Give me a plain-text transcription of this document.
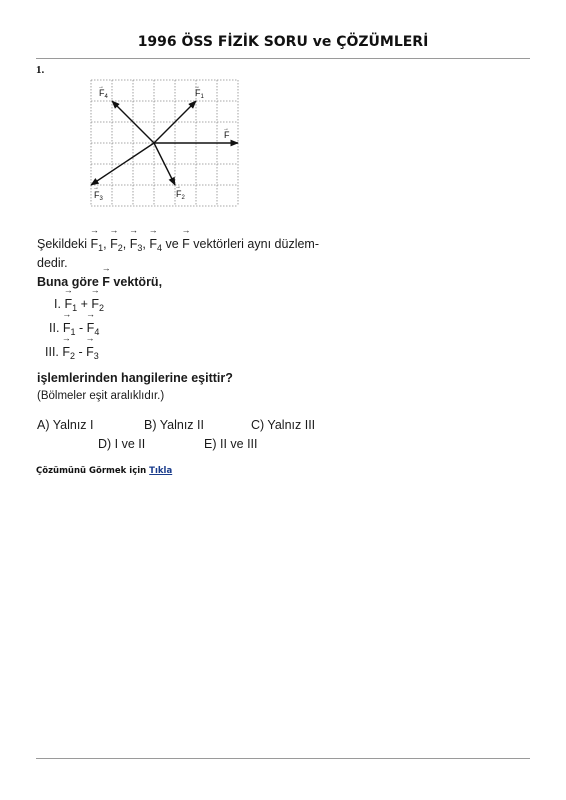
1996 ÖSS FİZİK SORU ve ÇÖZÜMLERİ
1.
$F_4$	$F_1$
F
$F_3$	$F_2$
→	→
→
→	→
Şekildeki → $F_1$, → $F_2$, → $F_3$, → $F_4$ ve → F vektörleri aynı düzlem-
dedir.
Buna göre → F vektörü,
I. → $F_1$ + → $F_2$
II. → $F_1$ - → $F_4$
III. → $F_2$ - → $F_3$
işlemlerinden hangilerine eşittir?
(Bölmeler eşit aralıklıdır.)
A) Yalnız I	B) Yalnız II	C) Yalnız III
D) I ve II	E) II ve III
Çözümünü Görmek için Tıkla
